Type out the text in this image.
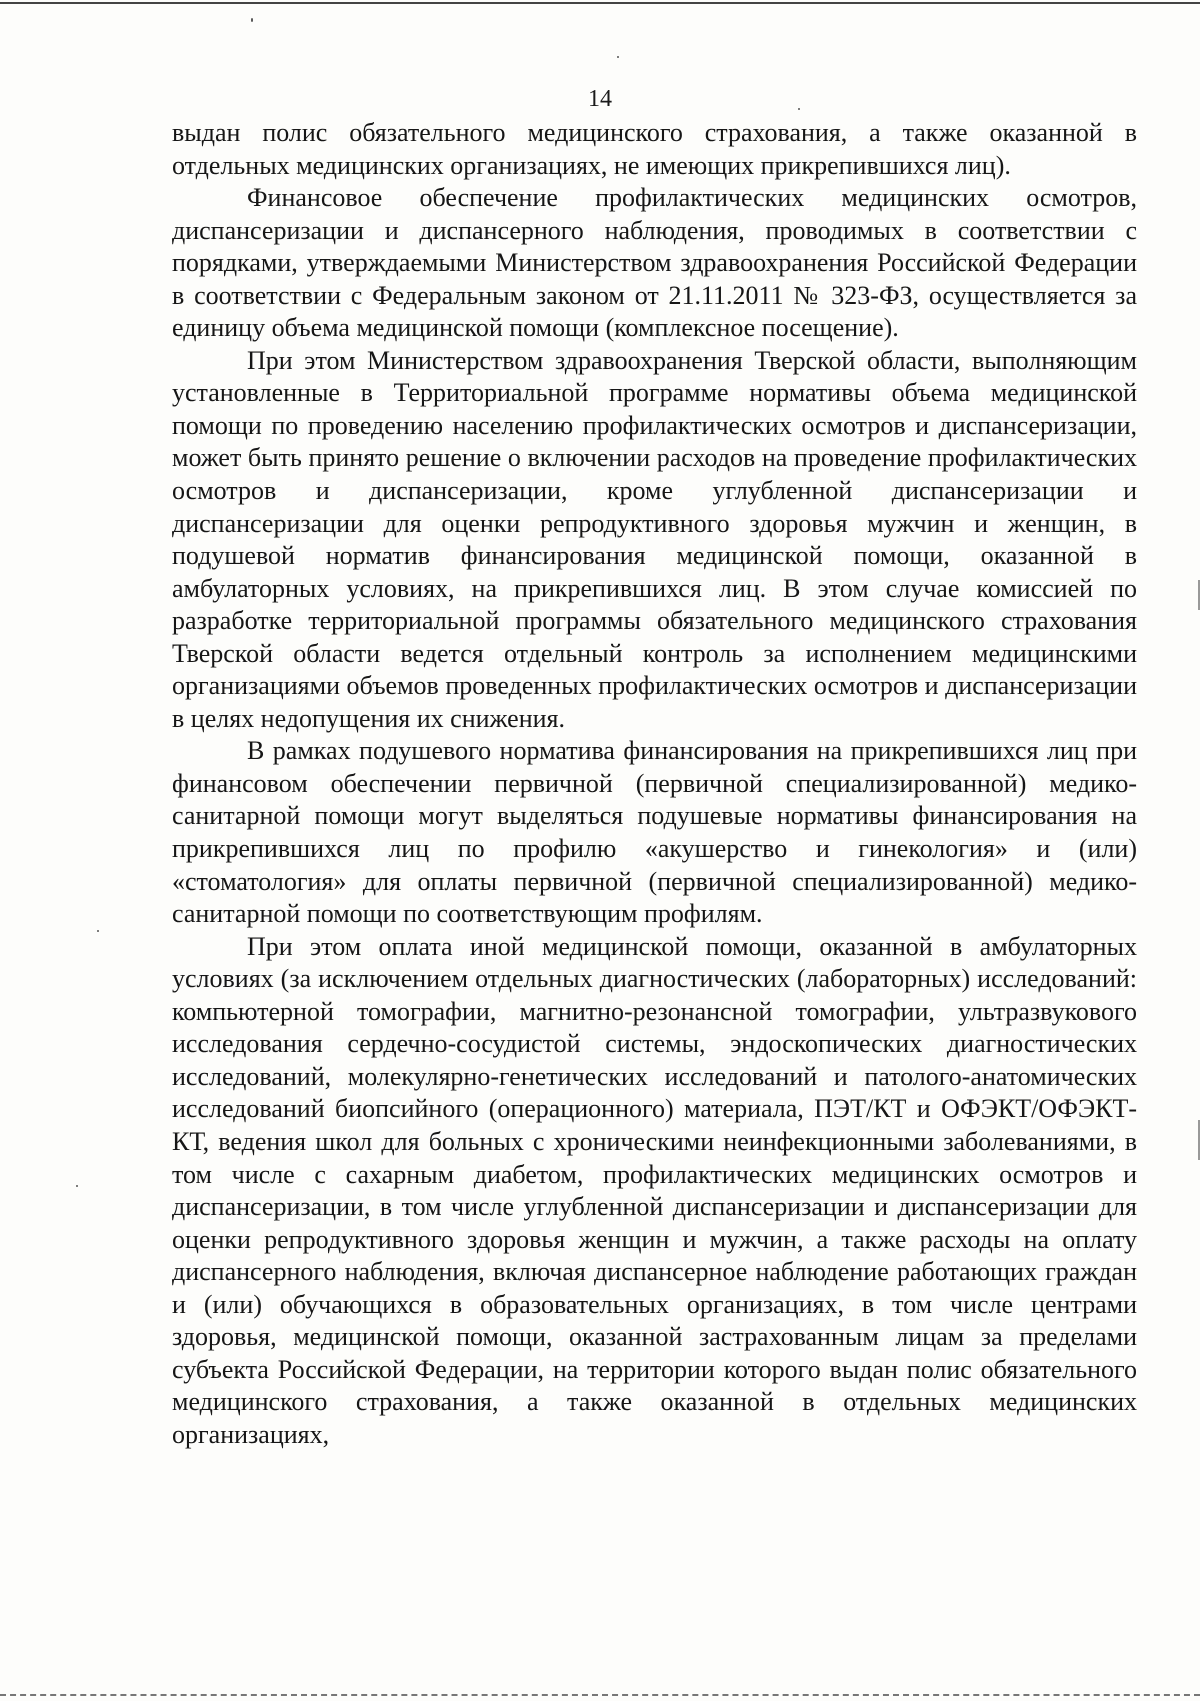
14

выдан полис обязательного медицинского страхования, а также оказанной в отдельных медицинских организациях, не имеющих прикрепившихся лиц).

Финансовое обеспечение профилактических медицинских осмотров, диспансеризации и диспансерного наблюдения, проводимых в соответствии с порядками, утверждаемыми Министерством здравоохранения Российской Федерации в соответствии с Федеральным законом от 21.11.2011 № 323-ФЗ, осуществляется за единицу объема медицинской помощи (комплексное посещение).

При этом Министерством здравоохранения Тверской области, выполняющим установленные в Территориальной программе нормативы объема медицинской помощи по проведению населению профилактических осмотров и диспансеризации, может быть принято решение о включении расходов на проведение профилактических осмотров и диспансеризации, кроме углубленной диспансеризации и диспансеризации для оценки репродуктивного здоровья мужчин и женщин, в подушевой норматив финансирования медицинской помощи, оказанной в амбулаторных условиях, на прикрепившихся лиц. В этом случае комиссией по разработке территориальной программы обязательного медицинского страхования Тверской области ведется отдельный контроль за исполнением медицинскими организациями объемов проведенных профилактических осмотров и диспансеризации в целях недопущения их снижения.

В рамках подушевого норматива финансирования на прикрепившихся лиц при финансовом обеспечении первичной (первичной специализированной) медико-санитарной помощи могут выделяться подушевые нормативы финансирования на прикрепившихся лиц по профилю «акушерство и гинекология» и (или) «стоматология» для оплаты первичной (первичной специализированной) медико-санитарной помощи по соответствующим профилям.

При этом оплата иной медицинской помощи, оказанной в амбулаторных условиях (за исключением отдельных диагностических (лабораторных) исследований: компьютерной томографии, магнитно-резонансной томографии, ультразвукового исследования сердечно-сосудистой системы, эндоскопических диагностических исследований, молекулярно-генетических исследований и патолого-анатомических исследований биопсийного (операционного) материала, ПЭТ/КТ и ОФЭКТ/ОФЭКТ-КТ, ведения школ для больных с хроническими неинфекционными заболеваниями, в том числе с сахарным диабетом, профилактических медицинских осмотров и диспансеризации, в том числе углубленной диспансеризации и диспансеризации для оценки репродуктивного здоровья женщин и мужчин, а также расходы на оплату диспансерного наблюдения, включая диспансерное наблюдение работающих граждан и (или) обучающихся в образовательных организациях, в том числе центрами здоровья, медицинской помощи, оказанной застрахованным лицам за пределами субъекта Российской Федерации, на территории которого выдан полис обязательного медицинского страхования, а также оказанной в отдельных медицинских организациях,
